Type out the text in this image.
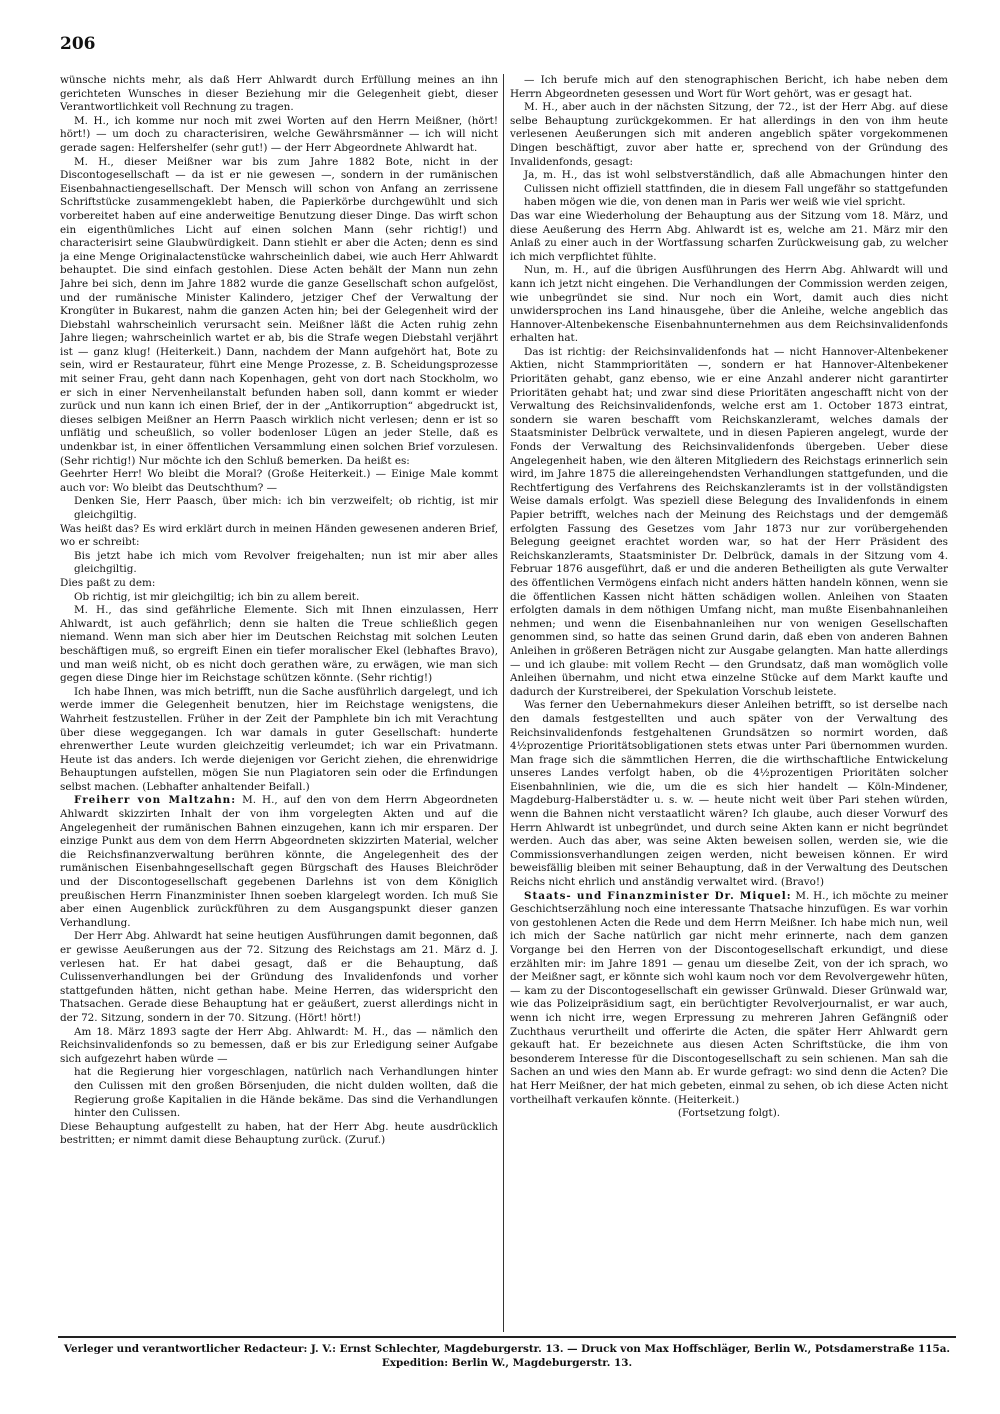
206

wünsche nichts mehr, als daß Herr Ahlwardt durch Erfüllung meines an ihn gerichteten Wunsches in dieser Beziehung mir die Gelegenheit giebt, dieser Verantwortlichkeit voll Rechnung zu tragen.

M. H., ich komme nur noch mit zwei Worten auf den Herrn Meißner, (hört! hört!) — um doch zu characterisiren, welche Gewährsmänner — ich will nicht gerade sagen: Helfershelfer (sehr gut!) — der Herr Abgeordnete Ahlwardt hat.

M. H., dieser Meißner war bis zum Jahre 1882 Bote, nicht in der Discontogesellschaft — da ist er nie gewesen —, sondern in der rumänischen Eisenbahnactiengesellschaft. Der Mensch will schon von Anfang an zerrissene Schriftstücke zusammengeklebt haben, die Papierkörbe durchgewühlt und sich vorbereitet haben auf eine anderweitige Benutzung dieser Dinge. Das wirft schon ein eigenthümliches Licht auf einen solchen Mann (sehr richtig!) und characterisirt seine Glaubwürdigkeit. Dann stiehlt er aber die Acten; denn es sind ja eine Menge Originalactenstücke wahrscheinlich dabei, wie auch Herr Ahlwardt behauptet. Die sind einfach gestohlen. Diese Acten behält der Mann nun zehn Jahre bei sich, denn im Jahre 1882 wurde die ganze Gesellschaft schon aufgelöst, und der rumänische Minister Kalindero, jetziger Chef der Verwaltung der Krongüter in Bukarest, nahm die ganzen Acten hin; bei der Gelegenheit wird der Diebstahl wahrscheinlich verursacht sein. Meißner läßt die Acten ruhig zehn Jahre liegen; wahrscheinlich wartet er ab, bis die Strafe wegen Diebstahl verjährt ist — ganz klug! (Heiterkeit.) Dann, nachdem der Mann aufgehört hat, Bote zu sein, wird er Restaurateur, führt eine Menge Prozesse, z. B. Scheidungsprozesse mit seiner Frau, geht dann nach Kopenhagen, geht von dort nach Stockholm, wo er sich in einer Nervenheilanstalt befunden haben soll, dann kommt er wieder zurück und nun kann ich einen Brief, der in der „Antikorruption“ abgedruckt ist, dieses selbigen Meißner an Herrn Paasch wirklich nicht verlesen; denn er ist so unflätig und scheußlich, so voller bodenloser Lügen an jeder Stelle, daß es undenkbar ist, in einer öffentlichen Versammlung einen solchen Brief vorzulesen. (Sehr richtig!) Nur möchte ich den Schluß bemerken. Da heißt es:

Geehrter Herr! Wo bleibt die Moral? (Große Heiterkeit.) — Einige Male kommt auch vor: Wo bleibt das Deutschthum? —

Denken Sie, Herr Paasch, über mich: ich bin verzweifelt; ob richtig, ist mir gleichgiltig.

Was heißt das? Es wird erklärt durch in meinen Händen gewesenen anderen Brief, wo er schreibt:

Bis jetzt habe ich mich vom Revolver freigehalten; nun ist mir aber alles gleichgiltig.

Dies paßt zu dem:

Ob richtig, ist mir gleichgiltig; ich bin zu allem bereit.

M. H., das sind gefährliche Elemente. Sich mit Ihnen einzulassen, Herr Ahlwardt, ist auch gefährlich; denn sie halten die Treue schließlich gegen niemand. Wenn man sich aber hier im Deutschen Reichstag mit solchen Leuten beschäftigen muß, so ergreift Einen ein tiefer moralischer Ekel (lebhaftes Bravo), und man weiß nicht, ob es nicht doch gerathen wäre, zu erwägen, wie man sich gegen diese Dinge hier im Reichstage schützen könnte. (Sehr richtig!)

Ich habe Ihnen, was mich betrifft, nun die Sache ausführlich dargelegt, und ich werde immer die Gelegenheit benutzen, hier im Reichstage wenigstens, die Wahrheit festzustellen. Früher in der Zeit der Pamphlete bin ich mit Verachtung über diese weggegangen. Ich war damals in guter Gesellschaft: hunderte ehrenwerther Leute wurden gleichzeitig verleumdet; ich war ein Privatmann. Heute ist das anders. Ich werde diejenigen vor Gericht ziehen, die ehrenwidrige Behauptungen aufstellen, mögen Sie nun Plagiatoren sein oder die Erfindungen selbst machen. (Lebhafter anhaltender Beifall.)

Freiherr von Maltzahn: M. H., auf den von dem Herrn Abgeordneten Ahlwardt skizzirten Inhalt der von ihm vorgelegten Akten und auf die Angelegenheit der rumänischen Bahnen einzugehen, kann ich mir ersparen. Der einzige Punkt aus dem von dem Herrn Abgeordneten skizzirten Material, welcher die Reichsfinanzverwaltung berühren könnte, die Angelegenheit des der rumänischen Eisenbahngesellschaft gegen Bürgschaft des Hauses Bleichröder und der Discontogesellschaft gegebenen Darlehns ist von dem Königlich preußischen Herrn Finanzminister Ihnen soeben klargelegt worden. Ich muß Sie aber einen Augenblick zurückführen zu dem Ausgangspunkt dieser ganzen Verhandlung.

Der Herr Abg. Ahlwardt hat seine heutigen Ausführungen damit begonnen, daß er gewisse Aeußerungen aus der 72. Sitzung des Reichstags am 21. März d. J. verlesen hat. Er hat dabei gesagt, daß er die Behauptung, daß Culissenverhandlungen bei der Gründung des Invalidenfonds und vorher stattgefunden hätten, nicht gethan habe. Meine Herren, das widerspricht den Thatsachen. Gerade diese Behauptung hat er geäußert, zuerst allerdings nicht in der 72. Sitzung, sondern in der 70. Sitzung. (Hört! hört!)

Am 18. März 1893 sagte der Herr Abg. Ahlwardt: M. H., das — nämlich den Reichsinvalidenfonds so zu bemessen, daß er bis zur Erledigung seiner Aufgabe sich aufgezehrt haben würde —

hat die Regierung hier vorgeschlagen, natürlich nach Verhandlungen hinter den Culissen mit den großen Börsenjuden, die nicht dulden wollten, daß die Regierung große Kapitalien in die Hände bekäme. Das sind die Verhandlungen hinter den Culissen.

Diese Behauptung aufgestellt zu haben, hat der Herr Abg. heute ausdrücklich bestritten; er nimmt damit diese Behauptung zurück. (Zuruf.)

— Ich berufe mich auf den stenographischen Bericht, ich habe neben dem Herrn Abgeordneten gesessen und Wort für Wort gehört, was er gesagt hat.

M. H., aber auch in der nächsten Sitzung, der 72., ist der Herr Abg. auf diese selbe Behauptung zurückgekommen. Er hat allerdings in den von ihm heute verlesenen Aeußerungen sich mit anderen angeblich später vorgekommenen Dingen beschäftigt, zuvor aber hatte er, sprechend von der Gründung des Invalidenfonds, gesagt:

Ja, m. H., das ist wohl selbstverständlich, daß alle Abmachungen hinter den Culissen nicht offiziell stattfinden, die in diesem Fall ungefähr so stattgefunden haben mögen wie die, von denen man in Paris wer weiß wie viel spricht.

Das war eine Wiederholung der Behauptung aus der Sitzung vom 18. März, und diese Aeußerung des Herrn Abg. Ahlwardt ist es, welche am 21. März mir den Anlaß zu einer auch in der Wortfassung scharfen Zurückweisung gab, zu welcher ich mich verpflichtet fühlte.

Nun, m. H., auf die übrigen Ausführungen des Herrn Abg. Ahlwardt will und kann ich jetzt nicht eingehen. Die Verhandlungen der Commission werden zeigen, wie unbegründet sie sind. Nur noch ein Wort, damit auch dies nicht unwidersprochen ins Land hinausgehe, über die Anleihe, welche angeblich das Hannover-Altenbekensche Eisenbahnunternehmen aus dem Reichsinvalidenfonds erhalten hat.

Das ist richtig: der Reichsinvalidenfonds hat — nicht Hannover-Altenbekener Aktien, nicht Stammprioritäten —, sondern er hat Hannover-Altenbekener Prioritäten gehabt, ganz ebenso, wie er eine Anzahl anderer nicht garantirter Prioritäten gehabt hat; und zwar sind diese Prioritäten angeschafft nicht von der Verwaltung des Reichsinvalidenfonds, welche erst am 1. October 1873 eintrat, sondern sie waren beschafft vom Reichskanzleramt, welches damals der Staatsminister Delbrück verwaltete, und in diesen Papieren angelegt, wurde der Fonds der Verwaltung des Reichsinvalidenfonds übergeben. Ueber diese Angelegenheit haben, wie den älteren Mitgliedern des Reichstags erinnerlich sein wird, im Jahre 1875 die allereingehendsten Verhandlungen stattgefunden, und die Rechtfertigung des Verfahrens des Reichskanzleramts ist in der vollständigsten Weise damals erfolgt. Was speziell diese Belegung des Invalidenfonds in einem Papier betrifft, welches nach der Meinung des Reichstags und der demgemäß erfolgten Fassung des Gesetzes vom Jahr 1873 nur zur vorübergehenden Belegung geeignet erachtet worden war, so hat der Herr Präsident des Reichskanzleramts, Staatsminister Dr. Delbrück, damals in der Sitzung vom 4. Februar 1876 ausgeführt, daß er und die anderen Betheiligten als gute Verwalter des öffentlichen Vermögens einfach nicht anders hätten handeln können, wenn sie die öffentlichen Kassen nicht hätten schädigen wollen. Anleihen von Staaten erfolgten damals in dem nöthigen Umfang nicht, man mußte Eisenbahnanleihen nehmen; und wenn die Eisenbahnanleihen nur von wenigen Gesellschaften genommen sind, so hatte das seinen Grund darin, daß eben von anderen Bahnen Anleihen in größeren Beträgen nicht zur Ausgabe gelangten. Man hatte allerdings — und ich glaube: mit vollem Recht — den Grundsatz, daß man womöglich volle Anleihen übernahm, und nicht etwa einzelne Stücke auf dem Markt kaufte und dadurch der Kurstreiberei, der Spekulation Vorschub leistete.

Was ferner den Uebernahmekurs dieser Anleihen betrifft, so ist derselbe nach den damals festgestellten und auch später von der Verwaltung des Reichsinvalidenfonds festgehaltenen Grundsätzen so normirt worden, daß 4½prozentige Prioritätsobligationen stets etwas unter Pari übernommen wurden. Man frage sich die sämmtlichen Herren, die die wirthschaftliche Entwickelung unseres Landes verfolgt haben, ob die 4½prozentigen Prioritäten solcher Eisenbahnlinien, wie die, um die es sich hier handelt — Köln-Mindener, Magdeburg-Halberstädter u. s. w. — heute nicht weit über Pari stehen würden, wenn die Bahnen nicht verstaatlicht wären? Ich glaube, auch dieser Vorwurf des Herrn Ahlwardt ist unbegründet, und durch seine Akten kann er nicht begründet werden. Auch das aber, was seine Akten beweisen sollen, werden sie, wie die Commissionsverhandlungen zeigen werden, nicht beweisen können. Er wird beweisfällig bleiben mit seiner Behauptung, daß in der Verwaltung des Deutschen Reichs nicht ehrlich und anständig verwaltet wird. (Bravo!)

Staats- und Finanzminister Dr. Miquel: M. H., ich möchte zu meiner Geschichtserzählung noch eine interessante Thatsache hinzufügen. Es war vorhin von gestohlenen Acten die Rede und dem Herrn Meißner. Ich habe mich nun, weil ich mich der Sache natürlich gar nicht mehr erinnerte, nach dem ganzen Vorgange bei den Herren von der Discontogesellschaft erkundigt, und diese erzählten mir: im Jahre 1891 — genau um dieselbe Zeit, von der ich sprach, wo der Meißner sagt, er könnte sich wohl kaum noch vor dem Revolvergewehr hüten, — kam zu der Discontogesellschaft ein gewisser Grünwald. Dieser Grünwald war, wie das Polizeipräsidium sagt, ein berüchtigter Revolverjournalist, er war auch, wenn ich nicht irre, wegen Erpressung zu mehreren Jahren Gefängniß oder Zuchthaus verurtheilt und offerirte die Acten, die später Herr Ahlwardt gern gekauft hat. Er bezeichnete aus diesen Acten Schriftstücke, die ihm von besonderem Interesse für die Discontogesellschaft zu sein schienen. Man sah die Sachen an und wies den Mann ab. Er wurde gefragt: wo sind denn die Acten? Die hat Herr Meißner, der hat mich gebeten, einmal zu sehen, ob ich diese Acten nicht vortheilhaft verkaufen könnte. (Heiterkeit.)

(Fortsetzung folgt).

Verleger und verantwortlicher Redacteur: J. V.: Ernst Schlechter, Magdeburgerstr. 13. — Druck von Max Hoffschläger, Berlin W., Potsdamerstraße 115a.
Expedition: Berlin W., Magdeburgerstr. 13.
